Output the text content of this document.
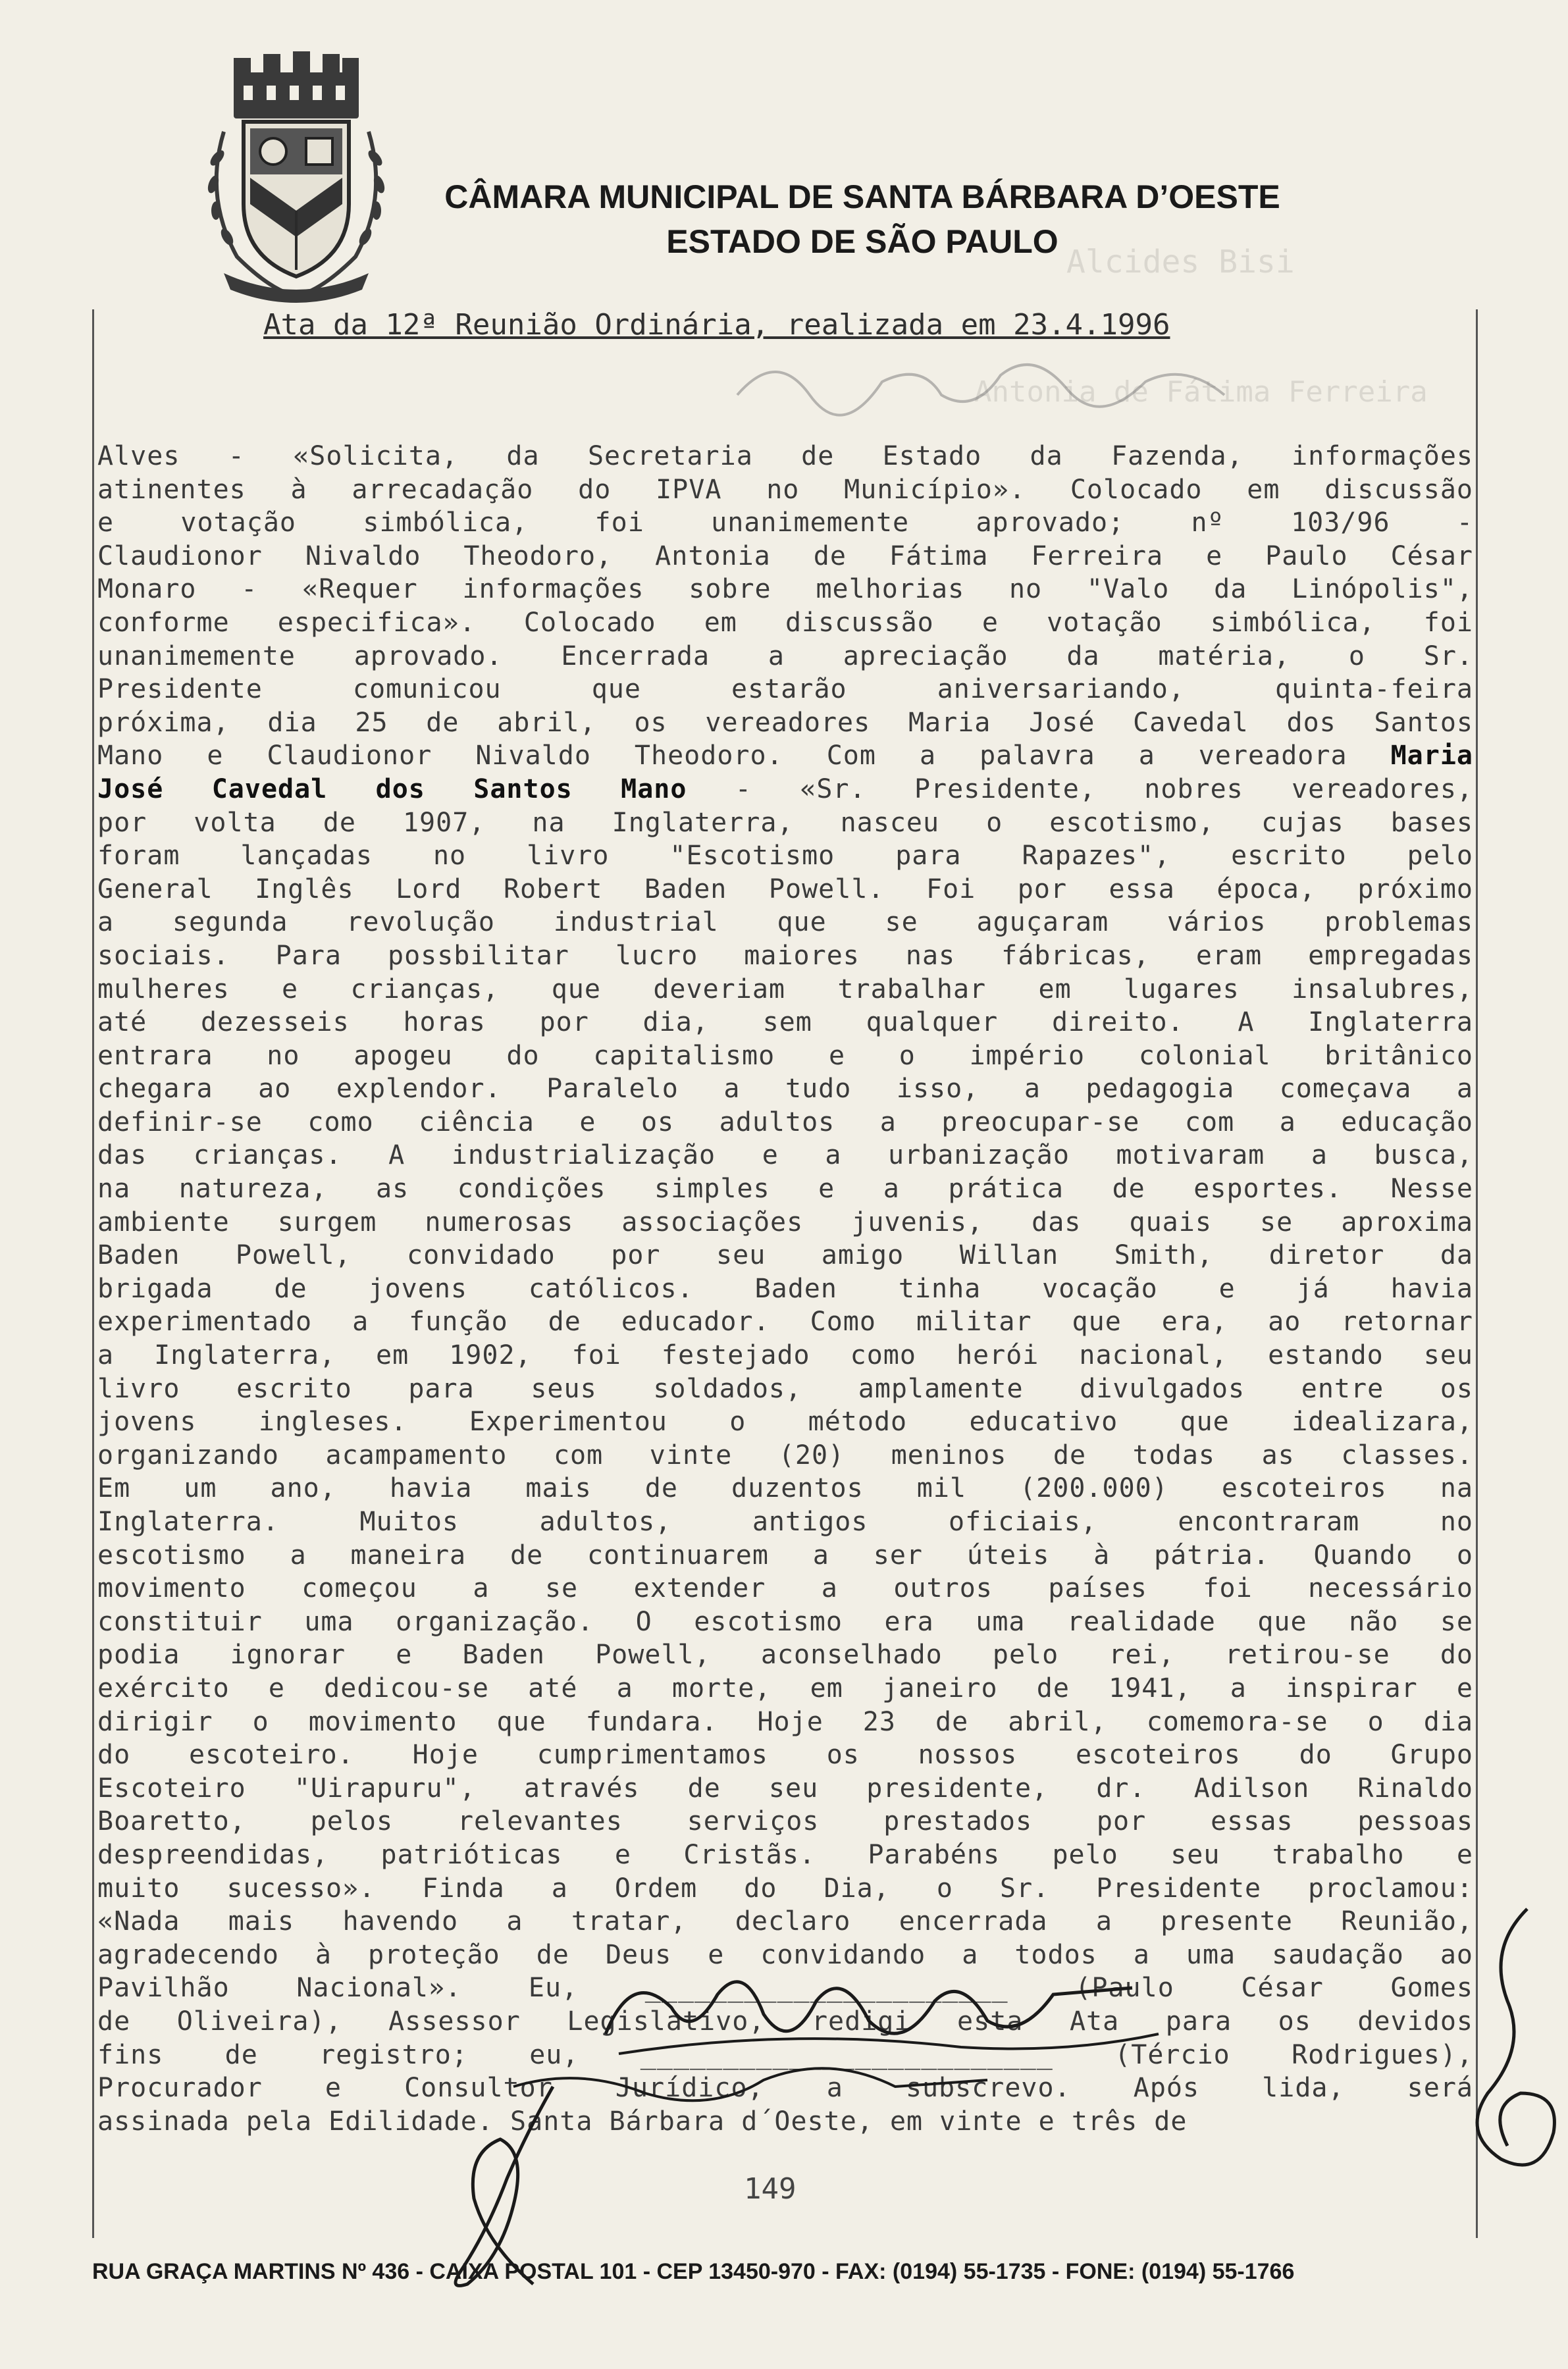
Alcides Bisi
Antonia de Fátima Ferreira
CÂMARA MUNICIPAL DE SANTA BÁRBARA D’OESTE
ESTADO DE SÃO PAULO
Ata da 12ª Reunião Ordinária, realizada em 23.4.1996
Alves - «Solicita, da Secretaria de Estado da Fazenda, informações
atinentes à arrecadação do IPVA no Município». Colocado em discussão
e votação simbólica, foi unanimemente aprovado; nº 103/96 -
Claudionor Nivaldo Theodoro, Antonia de Fátima Ferreira e Paulo César
Monaro - «Requer informações sobre melhorias no "Valo da Linópolis",
conforme especifica». Colocado em discussão e votação simbólica, foi
unanimemente aprovado. Encerrada a apreciação da matéria, o Sr.
Presidente comunicou que estarão aniversariando, quinta-feira
próxima, dia 25 de abril, os vereadores Maria José Cavedal dos Santos
Mano e Claudionor Nivaldo Theodoro. Com a palavra a vereadora Maria
José Cavedal dos Santos Mano - «Sr. Presidente, nobres vereadores,
por volta de 1907, na Inglaterra, nasceu o escotismo, cujas bases
foram lançadas no livro "Escotismo para Rapazes", escrito pelo
General Inglês Lord Robert Baden Powell. Foi por essa época, próximo
a segunda revolução industrial que se aguçaram vários problemas
sociais. Para possbilitar lucro maiores nas fábricas, eram empregadas
mulheres e crianças, que deveriam trabalhar em lugares insalubres,
até dezesseis horas por dia, sem qualquer direito. A Inglaterra
entrara no apogeu do capitalismo e o império colonial britânico
chegara ao explendor. Paralelo a tudo isso, a pedagogia começava a
definir-se como ciência e os adultos a preocupar-se com a educação
das crianças. A industrialização e a urbanização motivaram a busca,
na natureza, as condições simples e a prática de esportes. Nesse
ambiente surgem numerosas associações juvenis, das quais se aproxima
Baden Powell, convidado por seu amigo Willan Smith, diretor da
brigada de jovens católicos. Baden tinha vocação e já havia
experimentado a função de educador. Como militar que era, ao retornar
a Inglaterra, em 1902, foi festejado como herói nacional, estando seu
livro escrito para seus soldados, amplamente divulgados entre os
jovens ingleses. Experimentou o método educativo que idealizara,
organizando acampamento com vinte (20) meninos de todas as classes.
Em um ano, havia mais de duzentos mil (200.000) escoteiros na
Inglaterra. Muitos adultos, antigos oficiais, encontraram no
escotismo a maneira de continuarem a ser úteis à pátria. Quando o
movimento começou a se extender a outros países foi necessário
constituir uma organização. O escotismo era uma realidade que não se
podia ignorar e Baden Powell, aconselhado pelo rei, retirou-se do
exército e dedicou-se até a morte, em janeiro de 1941, a inspirar e
dirigir o movimento que fundara. Hoje 23 de abril, comemora-se o dia
do escoteiro. Hoje cumprimentamos os nossos escoteiros do Grupo
Escoteiro "Uirapuru", através de seu presidente, dr. Adilson Rinaldo
Boaretto, pelos relevantes serviços prestados por essas pessoas
despreendidas, patrióticas e Cristãs. Parabéns pelo seu trabalho e
muito sucesso». Finda a Ordem do Dia, o Sr. Presidente proclamou:
«Nada mais havendo a tratar, declaro encerrada a presente Reunião,
agradecendo à proteção de Deus e convidando a todos a uma saudação ao
Pavilhão Nacional». Eu, ______________________ (Paulo César Gomes
de Oliveira), Assessor Legislativo, redigi esta Ata para os devidos
fins de registro; eu, _________________________ (Tércio Rodrigues),
Procurador e Consultor Jurídico, a subscrevo. Após lida, será
assinada pela Edilidade. Santa Bárbara d´Oeste, em vinte e três de
149
RUA GRAÇA MARTINS Nº 436 - CAIXA POSTAL 101 - CEP 13450-970 - FAX: (0194) 55-1735 - FONE: (0194) 55-1766
